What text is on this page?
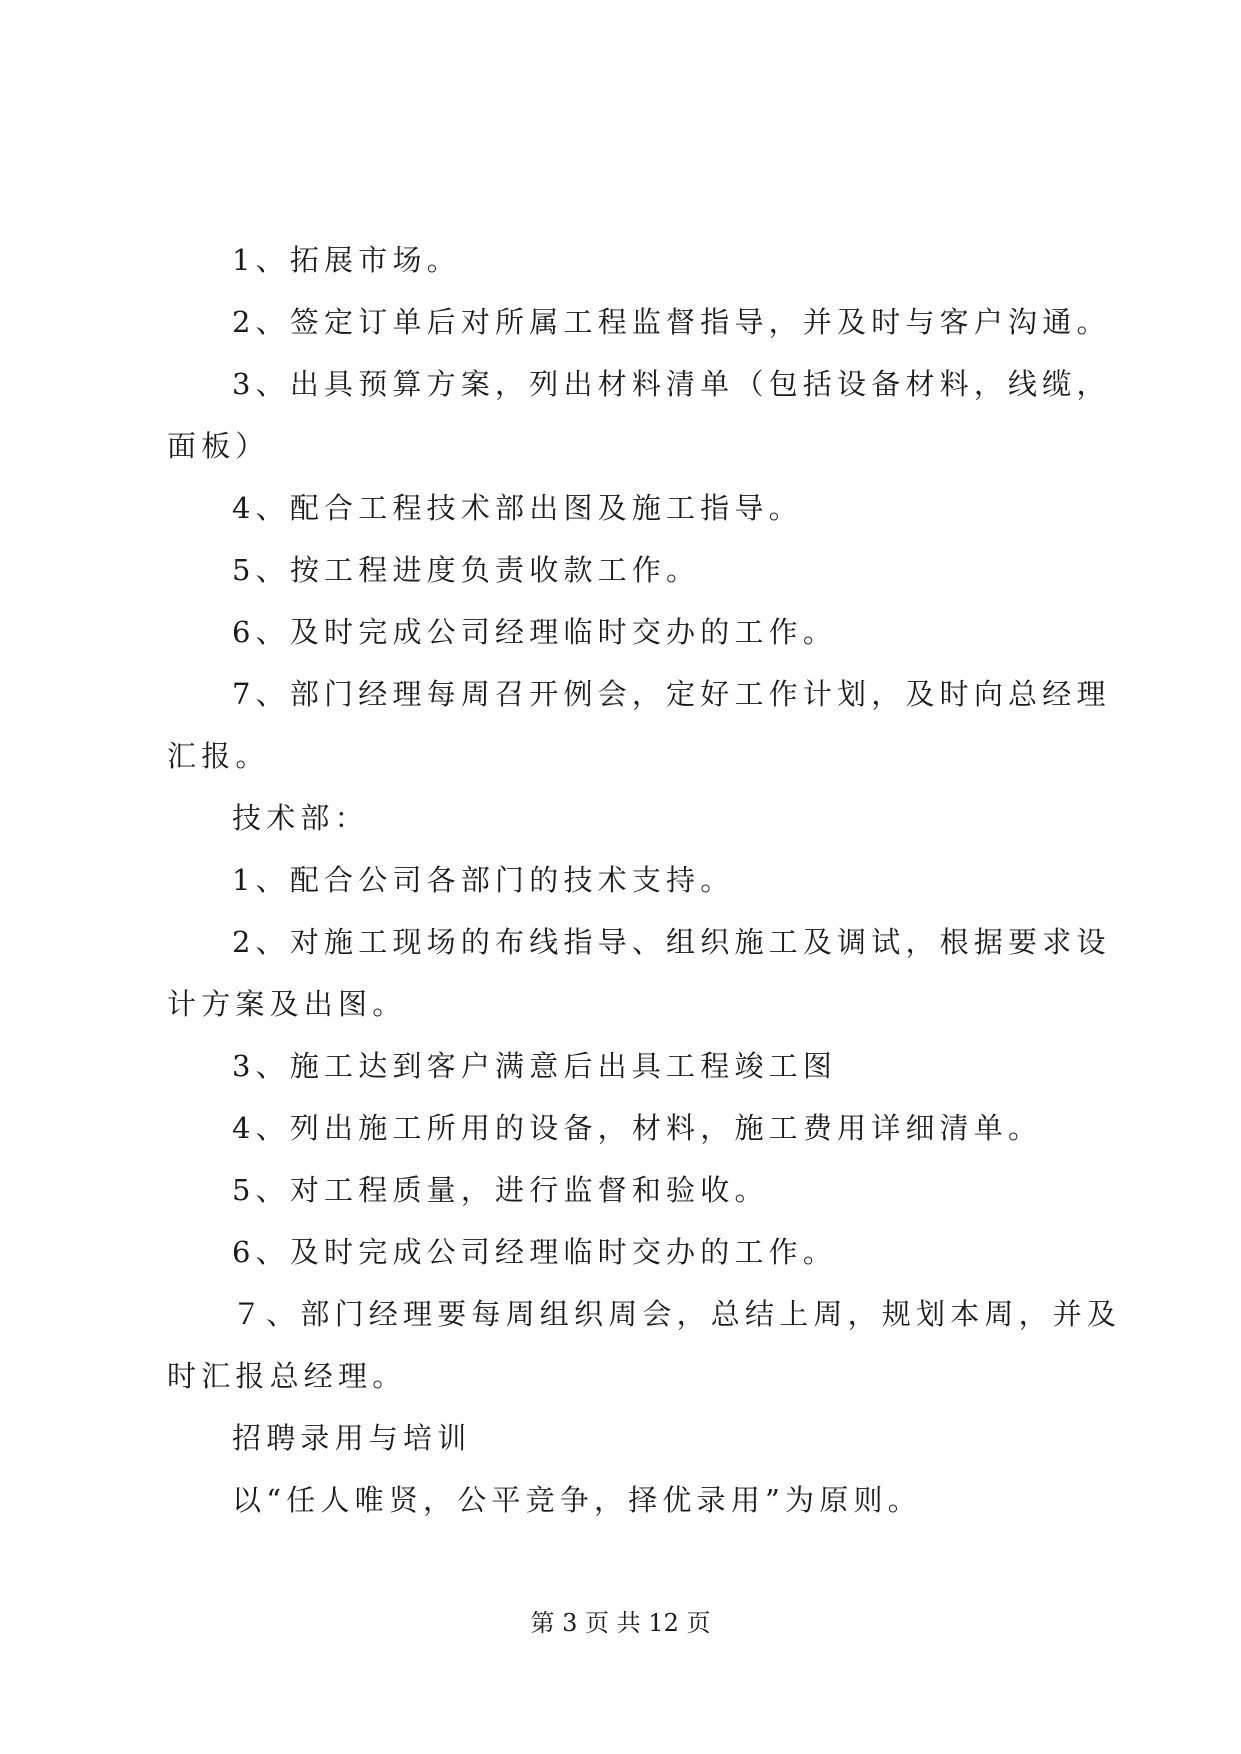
1、拓展市场。
2、签定订单后对所属工程监督指导，并及时与客户沟通。
3、出具预算方案，列出材料清单（包括设备材料，线缆，
面板）
4、配合工程技术部出图及施工指导。
5、按工程进度负责收款工作。
6、及时完成公司经理临时交办的工作。
7、部门经理每周召开例会，定好工作计划，及时向总经理
汇报。
技术部：
1、配合公司各部门的技术支持。
2、对施工现场的布线指导、组织施工及调试，根据要求设
计方案及出图。
3、施工达到客户满意后出具工程竣工图
4、列出施工所用的设备，材料，施工费用详细清单。
5、对工程质量，进行监督和验收。
6、及时完成公司经理临时交办的工作。
７、部门经理要每周组织周会，总结上周，规划本周，并及
时汇报总经理。
招聘录用与培训
以“任人唯贤，公平竞争，择优录用”为原则。
第 3 页 共 12 页
